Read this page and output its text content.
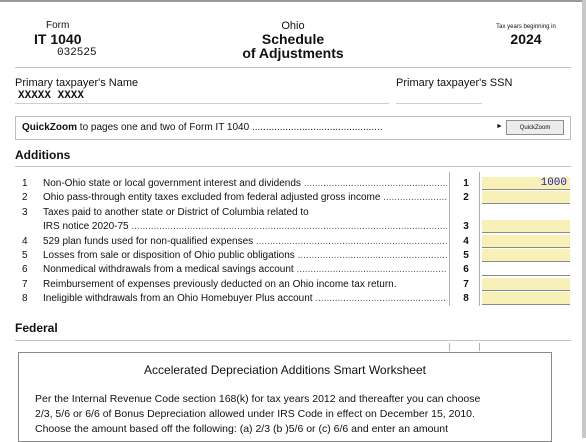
Form
IT 1040
032525
Ohio
Schedule
of Adjustments
Tax years beginning in
2024
Primary taxpayer's Name
XXXXX XXXX
Primary taxpayer's SSN
QuickZoom to pages one and two of Form IT 1040 ...............................................	►	QuickZoom
Additions
1 Non-Ohio state or local government interest and dividends .....	1	1000
2 Ohio pass-through entity taxes excluded from federal adjusted gross income .....	2
3 Taxes paid to another state or District of Columbia related to
IRS notice 2020-75 .....	3
4 529 plan funds used for non-qualified expenses .....	4
5 Losses from sale or disposition of Ohio public obligations .....	5
6 Nonmedical withdrawals from a medical savings account .....	6
7 Reimbursement of expenses previously deducted on an Ohio income tax return.	7
8 Ineligible withdrawals from an Ohio Homebuyer Plus account .....	8
Federal
Accelerated Depreciation Additions Smart Worksheet
Per the Internal Revenue Code section 168(k) for tax years 2012 and thereafter you can choose
2/3, 5/6 or 6/6 of Bonus Depreciation allowed under IRS Code in effect on December 15, 2010.
Choose the amount based off the following: (a) 2/3 (b )5/6 or (c) 6/6 and enter an amount
